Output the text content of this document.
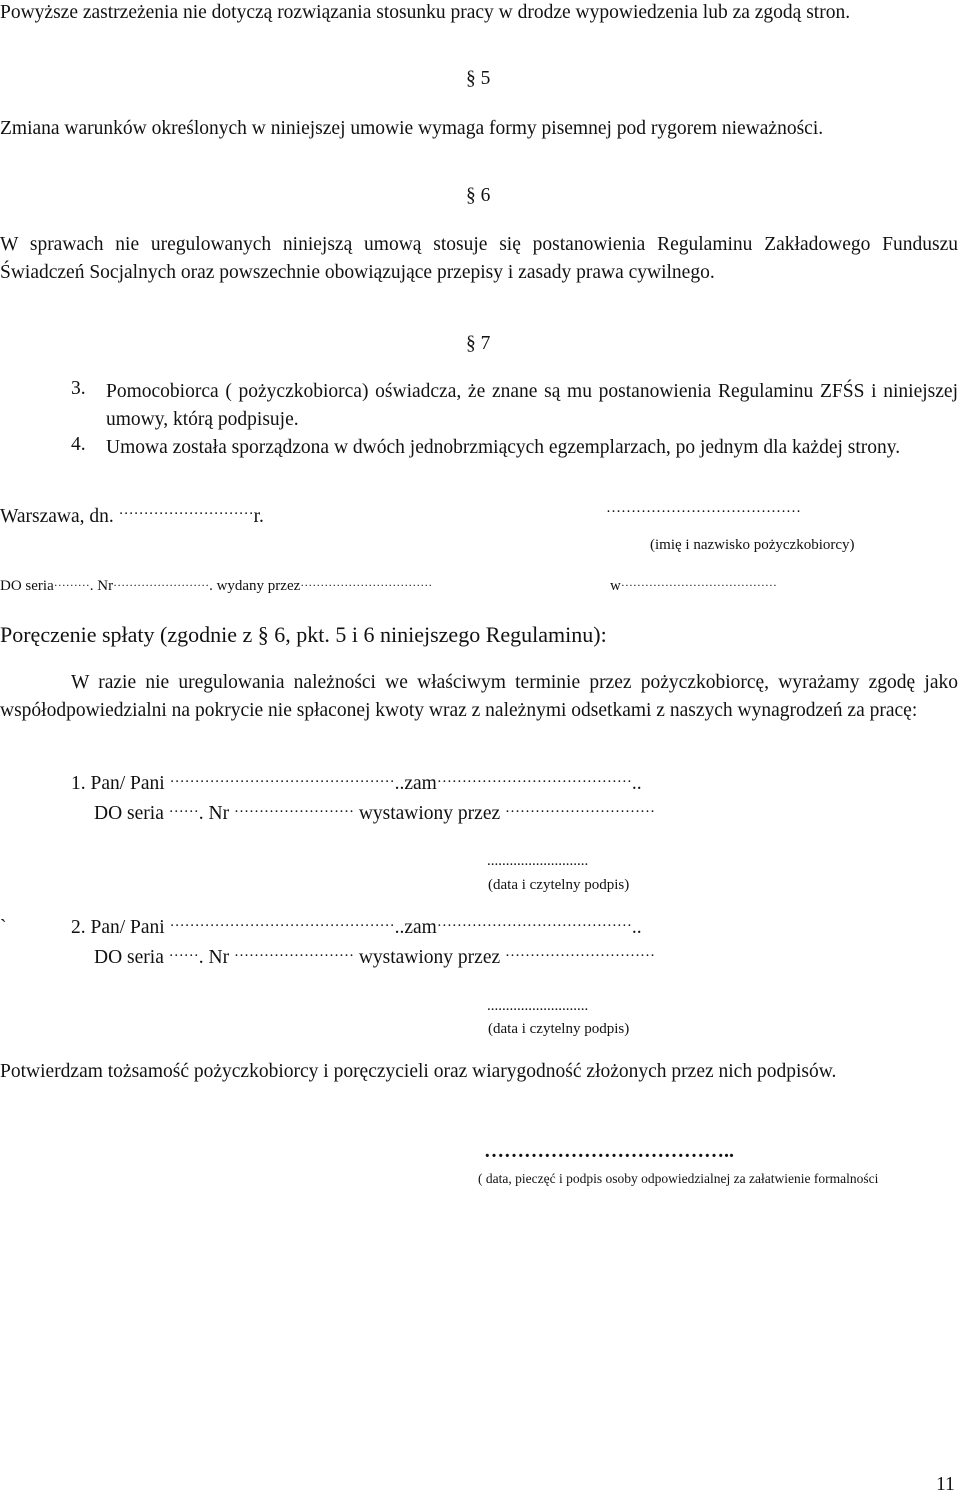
Powyższe zastrzeżenia nie dotyczą rozwiązania stosunku pracy w drodze wypowiedzenia lub za zgodą stron.
§ 5
Zmiana warunków określonych w niniejszej umowie wymaga formy pisemnej pod rygorem nieważności.
§ 6
W sprawach nie uregulowanych niniejszą umową stosuje się postanowienia Regulaminu Zakładowego Funduszu Świadczeń Socjalnych oraz powszechnie obowiązujące przepisy i zasady prawa cywilnego.
§ 7
3. Pomocobiorca ( pożyczkobiorca) oświadcza, że znane są mu postanowienia Regulaminu ZFŚS i niniejszej umowy, którą podpisuje.
4. Umowa została sporządzona w dwóch jednobrzmiących egzemplarzach, po jednym dla każdej strony.
Warszawa, dn. ………………………r.	…………………………………
(imię i nazwisko pożyczkobiorcy)
DO seria………. Nr……………………. wydany przez……………………………	w…………………………………
Poręczenie spłaty (zgodnie z § 6, pkt. 5 i 6 niniejszego Regulaminu):
W razie nie uregulowania należności we właściwym terminie przez pożyczkobiorcę, wyrażamy zgodę jako współodpowiedzialni na pokrycie nie spłaconej kwoty wraz z należnymi odsetkami z naszych wynagrodzeń za pracę:
1. Pan/ Pani ………………………………………..zam…………………………………..
DO seria ……. Nr …………………… wystawiony przez …………………………
...........................
(data i czytelny podpis)
`	2. Pan/ Pani ………………………………………..zam…………………………………..
DO seria ……. Nr …………………… wystawiony przez …………………………
...........................
(data i czytelny podpis)
Potwierdzam tożsamość pożyczkobiorcy i poręczycieli oraz wiarygodność złożonych przez nich podpisów.
………………………………..
( data, pieczęć i podpis osoby odpowiedzialnej za załatwienie formalności
11
